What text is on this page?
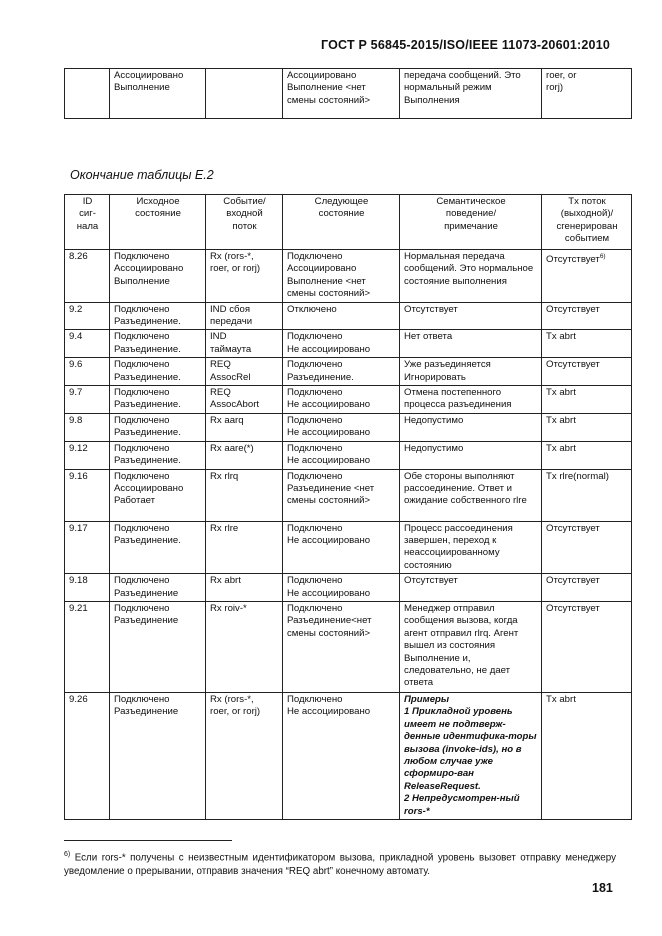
ГОСТ Р 56845-2015/ISO/IEEE 11073-20601:2010
	Ассоциировано
Выполнение		Ассоциировано
Выполнение <нет смены состояний>	передача сообщений. Это нормальный режим Выполнения	roer, or
rorj)
Окончание таблицы Е.2
ID
сиг-
нала	Исходное
состояние	Событие/
входной
поток	Следующее
состояние	Семантическое
поведение/
примечание	Tx поток
(выходной)/
сгенерирован
событием
8.26	Подключено
Ассоциировано
Выполнение	Rx (rors-*,
roer, or rorj)	Подключено
Ассоциировано
Выполнение <нет смены состояний>	Нормальная передача сообщений. Это нормальное состояние выполнения	Отсутствует$^{6)}$
9.2	Подключено
Разъединение.	IND сбоя
передачи	Отключено	Отсутствует	Отсутствует
9.4	Подключено
Разъединение.	IND
таймаута	Подключено
Не ассоциировано	Нет ответа	Tx abrt
9.6	Подключено
Разъединение.	REQ
AssocRel	Подключено
Разъединение.	Уже разъединяется
Игнорировать	Отсутствует
9.7	Подключено
Разъединение.	REQ
AssocAbort	Подключено
Не ассоциировано	Отмена постепенного процесса разъединения	Tx abrt
9.8	Подключено
Разъединение.	Rx aarq	Подключено
Не ассоциировано	Недопустимо	Tx abrt
9.12	Подключено
Разъединение.	Rx aare(*)	Подключено
Не ассоциировано	Недопустимо	Tx abrt
9.16	Подключено
Ассоциировано
Работает	Rx rlrq	Подключено
Разъединение <нет смены состояний>	Обе стороны выполняют рассоединение. Ответ и ожидание собственного rlre	Tx rlre(normal)
9.17	Подключено
Разъединение.	Rx rlre	Подключено
Не ассоциировано	Процесс рассоединения завершен, переход к неассоциированному состоянию	Отсутствует
9.18	Подключено
Разъединение	Rx abrt	Подключено
Не ассоциировано	Отсутствует	Отсутствует
9.21	Подключено
Разъединение	Rx roiv-*	Подключено
Разъединение<нет смены состояний>	Менеджер отправил сообщения вызова, когда агент отправил rlrq. Агент вышел из состояния Выполнение и, следовательно, не дает ответа	Отсутствует
9.26	Подключено
Разъединение	Rx (rors-*,
roer, or rorj)	Подключено
Не ассоциировано	Примеры
1 Прикладной уровень имеет не подтверж-денные идентифика-торы вызова (invoke-ids), но в любом случае уже сформиро-ван ReleaseRequest.
2 Непредусмотрен-ный rors-*	Tx abrt
$^{6)}$ Если rors-* получены с неизвестным идентификатором вызова, прикладной уровень вызовет отправку менеджеру уведомление о прерывании, отправив значения “REQ abrt” конечному автомату.
181
